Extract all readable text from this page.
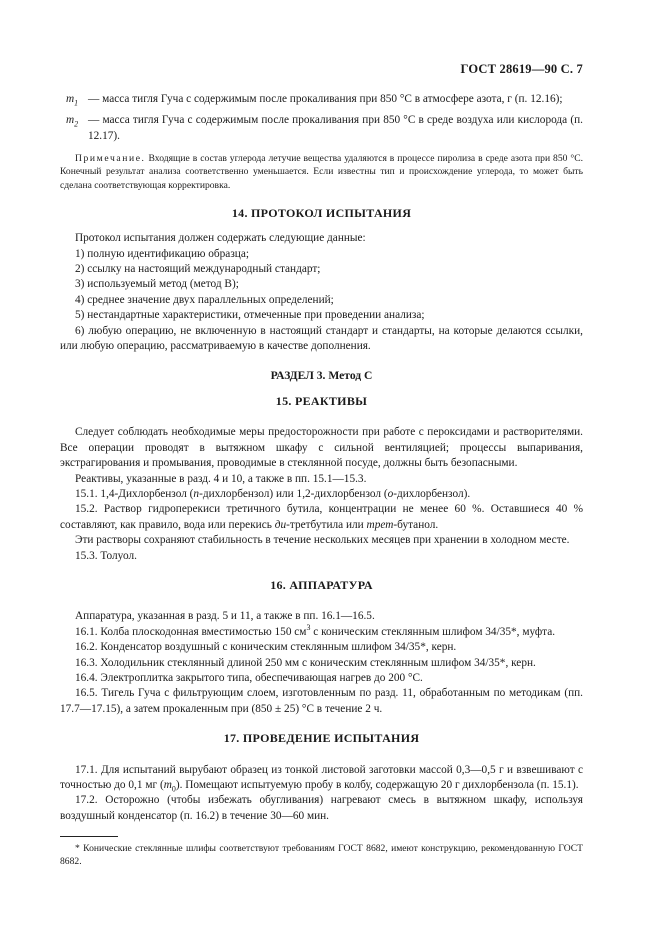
ГОСТ 28619—90 С. 7
$m_1$ — масса тигля Гуча с содержимым после прокаливания при 850 °С в атмосфере азота, г (п. 12.16);
$m_2$ — масса тигля Гуча с содержимым после прокаливания при 850 °С в среде воздуха или кислорода (п. 12.17).

Примечание. Входящие в состав углерода летучие вещества удаляются в процессе пиролиза в среде азота при 850 °С. Конечный результат анализа соответственно уменьшается. Если известны тип и происхождение углерода, то может быть сделана соответствующая корректировка.

14. ПРОТОКОЛ ИСПЫТАНИЯ

Протокол испытания должен содержать следующие данные:

1) полную идентификацию образца;

2) ссылку на настоящий международный стандарт;

3) используемый метод (метод В);

4) среднее значение двух параллельных определений;

5) нестандартные характеристики, отмеченные при проведении анализа;

6) любую операцию, не включенную в настоящий стандарт и стандарты, на которые делаются ссылки, или любую операцию, рассматриваемую в качестве дополнения.

РАЗДЕЛ 3. Метод С
15. РЕАКТИВЫ

Следует соблюдать необходимые меры предосторожности при работе с пероксидами и растворителями. Все операции проводят в вытяжном шкафу с сильной вентиляцией; процессы выпаривания, экстрагирования и промывания, проводимые в стеклянной посуде, должны быть безопасными.

Реактивы, указанные в разд. 4 и 10, а также в пп. 15.1—15.3.

15.1. 1,4-Дихлорбензол (n-дихлорбензол) или 1,2-дихлорбензол (o-дихлорбензол).

15.2. Раствор гидроперекиси третичного бутила, концентрации не менее 60 %. Оставшиеся 40 % составляют, как правило, вода или перекись ди-третбутила или трет-бутанол.

Эти растворы сохраняют стабильность в течение нескольких месяцев при хранении в холодном месте.

15.3. Толуол.

16. АППАРАТУРА

Аппаратура, указанная в разд. 5 и 11, а также в пп. 16.1—16.5.

16.1. Колба плоскодонная вместимостью 150 $см^3$ с коническим стеклянным шлифом 34/35*, муфта.

16.2. Конденсатор воздушный с коническим стеклянным шлифом 34/35*, керн.

16.3. Холодильник стеклянный длиной 250 мм с коническим стеклянным шлифом 34/35*, керн.

16.4. Электроплитка закрытого типа, обеспечивающая нагрев до 200 °С.

16.5. Тигель Гуча с фильтрующим слоем, изготовленным по разд. 11, обработанным по методикам (пп. 17.7—17.15), а затем прокаленным при (850 ± 25) °С в течение 2 ч.

17. ПРОВЕДЕНИЕ ИСПЫТАНИЯ

17.1. Для испытаний вырубают образец из тонкой листовой заготовки массой 0,3—0,5 г и взвешивают с точностью до 0,1 мг $(m_0)$. Помещают испытуемую пробу в колбу, содержащую 20 г дихлорбензола (п. 15.1).

17.2. Осторожно (чтобы избежать обугливания) нагревают смесь в вытяжном шкафу, используя воздушный конденсатор (п. 16.2) в течение 30—60 мин.

* Конические стеклянные шлифы соответствуют требованиям ГОСТ 8682, имеют конструкцию, рекомендованную ГОСТ 8682.
